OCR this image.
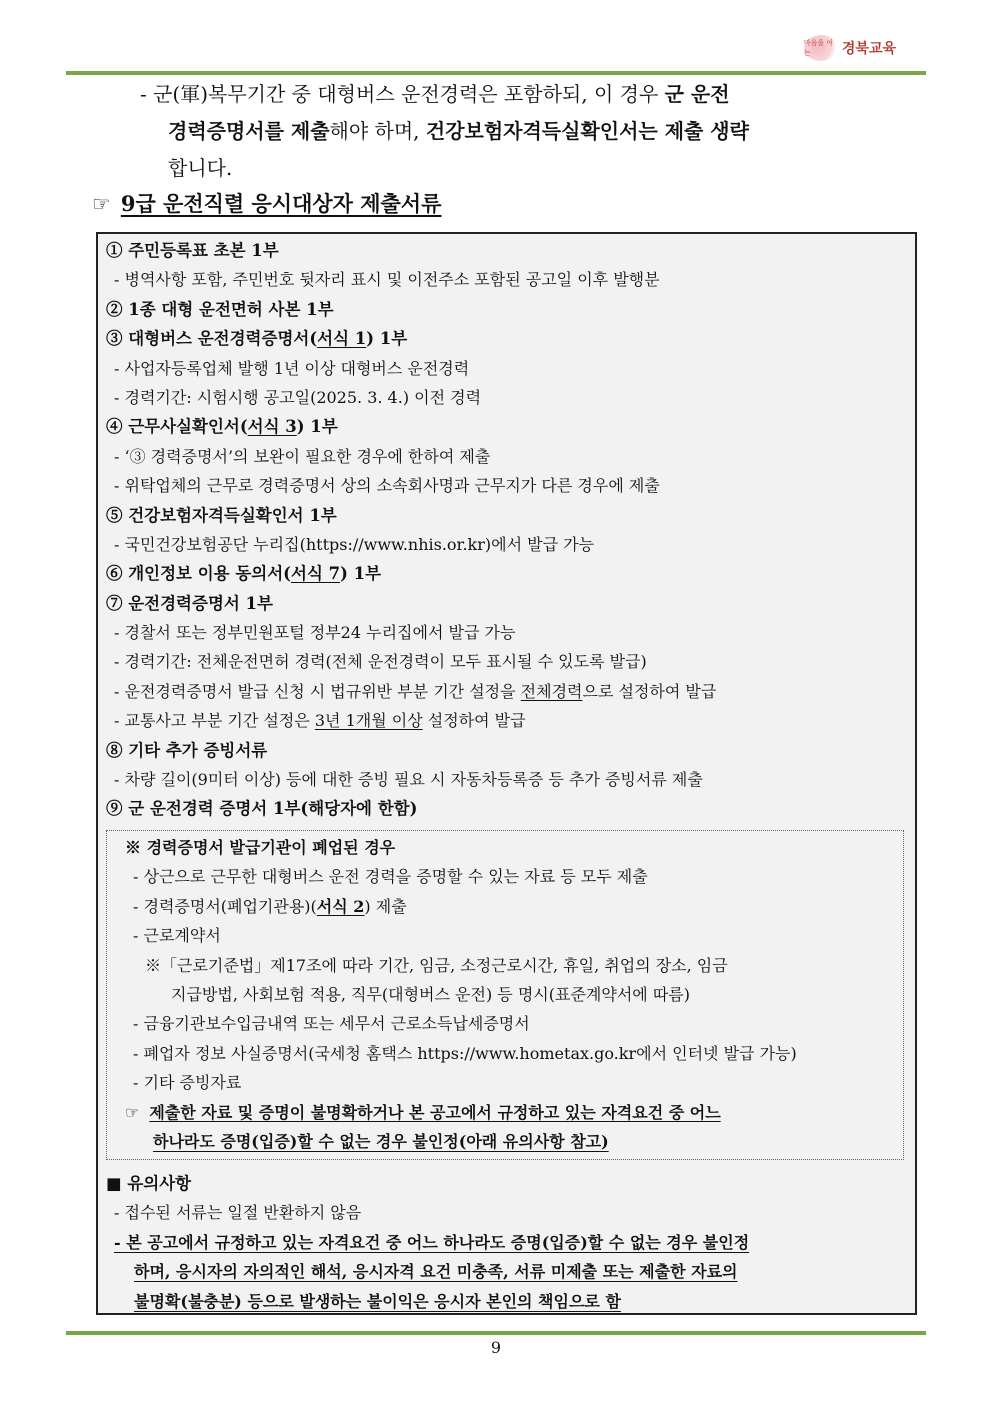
마음을 여는	경북교육
- 군(軍)복무기간 중 대형버스 운전경력은 포함하되, 이 경우 군 운전
경력증명서를 제출해야 하며, 건강보험자격득실확인서는 제출 생략
합니다.
☞ 9급 운전직렬 응시대상자 제출서류
① 주민등록표 초본 1부
- 병역사항 포함, 주민번호 뒷자리 표시 및 이전주소 포함된 공고일 이후 발행분
② 1종 대형 운전면허 사본 1부
③ 대형버스 운전경력증명서(서식 1) 1부
- 사업자등록업체 발행 1년 이상 대형버스 운전경력
- 경력기간: 시험시행 공고일(2025. 3. 4.) 이전 경력
④ 근무사실확인서(서식 3) 1부
- ‘③ 경력증명서’의 보완이 필요한 경우에 한하여 제출
- 위탁업체의 근무로 경력증명서 상의 소속회사명과 근무지가 다른 경우에 제출
⑤ 건강보험자격득실확인서 1부
- 국민건강보험공단 누리집(https://www.nhis.or.kr)에서 발급 가능
⑥ 개인정보 이용 동의서(서식 7) 1부
⑦ 운전경력증명서 1부
- 경찰서 또는 정부민원포털 정부24 누리집에서 발급 가능
- 경력기간: 전체운전면허 경력(전체 운전경력이 모두 표시될 수 있도록 발급)
- 운전경력증명서 발급 신청 시 법규위반 부분 기간 설정을 전체경력으로 설정하여 발급
- 교통사고 부분 기간 설정은 3년 1개월 이상 설정하여 발급
⑧ 기타 추가 증빙서류
- 차량 길이(9미터 이상) 등에 대한 증빙 필요 시 자동차등록증 등 추가 증빙서류 제출
⑨ 군 운전경력 증명서 1부(해당자에 한함)
※ 경력증명서 발급기관이 폐업된 경우
- 상근으로 근무한 대형버스 운전 경력을 증명할 수 있는 자료 등 모두 제출
- 경력증명서(폐업기관용)(서식 2) 제출
- 근로계약서
※「근로기준법」제17조에 따라 기간, 임금, 소정근로시간, 휴일, 취업의 장소, 임금
지급방법, 사회보험 적용, 직무(대형버스 운전) 등 명시(표준계약서에 따름)
- 금융기관보수입금내역 또는 세무서 근로소득납세증명서
- 폐업자 정보 사실증명서(국세청 홈택스 https://www.hometax.go.kr에서 인터넷 발급 가능)
- 기타 증빙자료
☞ 제출한 자료 및 증명이 불명확하거나 본 공고에서 규정하고 있는 자격요건 중 어느
하나라도 증명(입증)할 수 없는 경우 불인정(아래 유의사항 참고)
■ 유의사항
- 접수된 서류는 일절 반환하지 않음
- 본 공고에서 규정하고 있는 자격요건 중 어느 하나라도 증명(입증)할 수 없는 경우 불인정
하며, 응시자의 자의적인 해석, 응시자격 요건 미충족, 서류 미제출 또는 제출한 자료의
불명확(불충분) 등으로 발생하는 불이익은 응시자 본인의 책임으로 함
9
